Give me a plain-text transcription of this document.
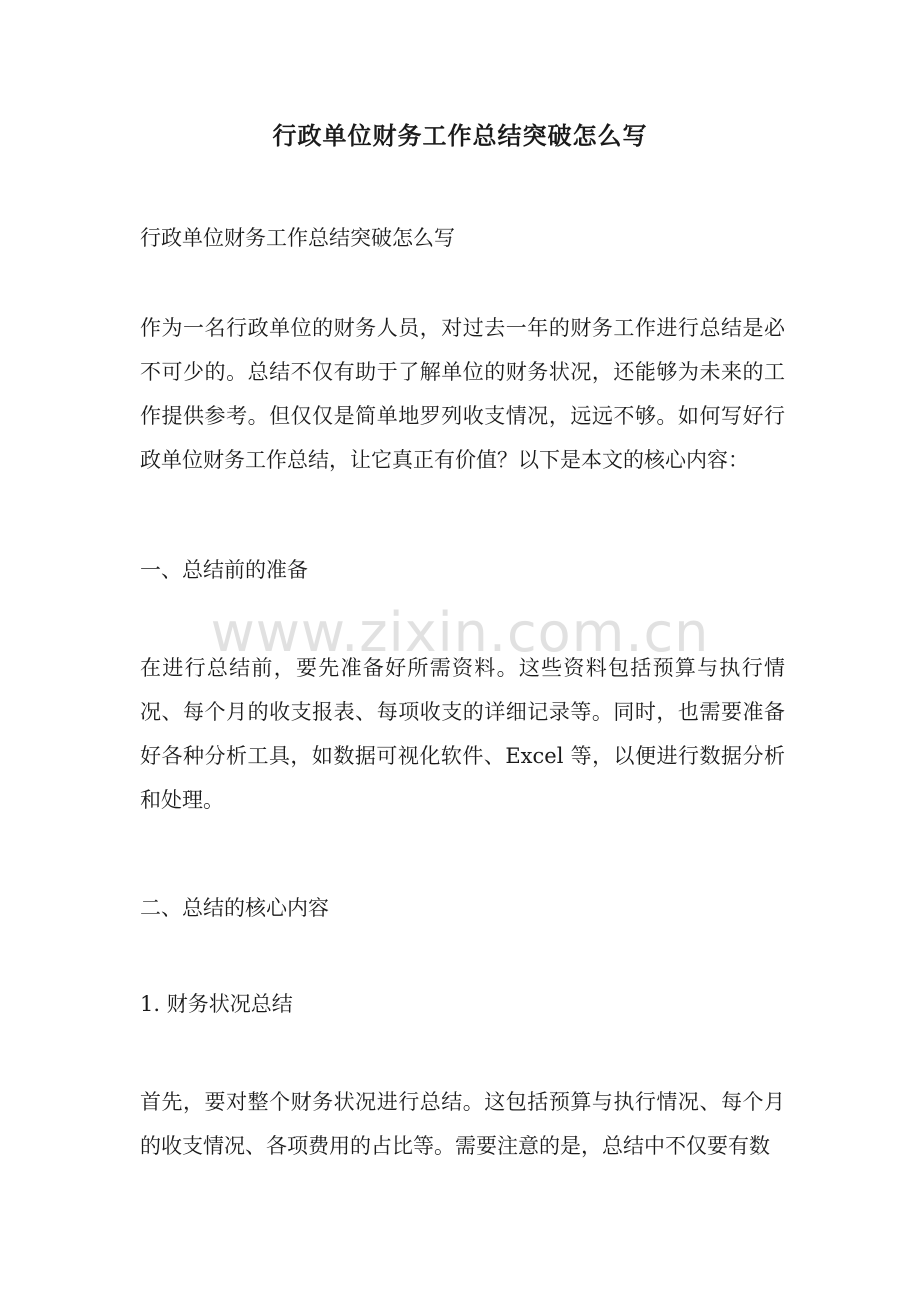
行政单位财务工作总结突破怎么写
行政单位财务工作总结突破怎么写
作为一名行政单位的财务人员，对过去一年的财务工作进行总结是必不可少的。总结不仅有助于了解单位的财务状况，还能够为未来的工作提供参考。但仅仅是简单地罗列收支情况，远远不够。如何写好行政单位财务工作总结，让它真正有价值？以下是本文的核心内容：
一、总结前的准备
在进行总结前，要先准备好所需资料。这些资料包括预算与执行情况、每个月的收支报表、每项收支的详细记录等。同时，也需要准备好各种分析工具，如数据可视化软件、Excel 等，以便进行数据分析和处理。
二、总结的核心内容
1. 财务状况总结
首先，要对整个财务状况进行总结。这包括预算与执行情况、每个月的收支情况、各项费用的占比等。需要注意的是，总结中不仅要有数
www.zixin.com.cn
